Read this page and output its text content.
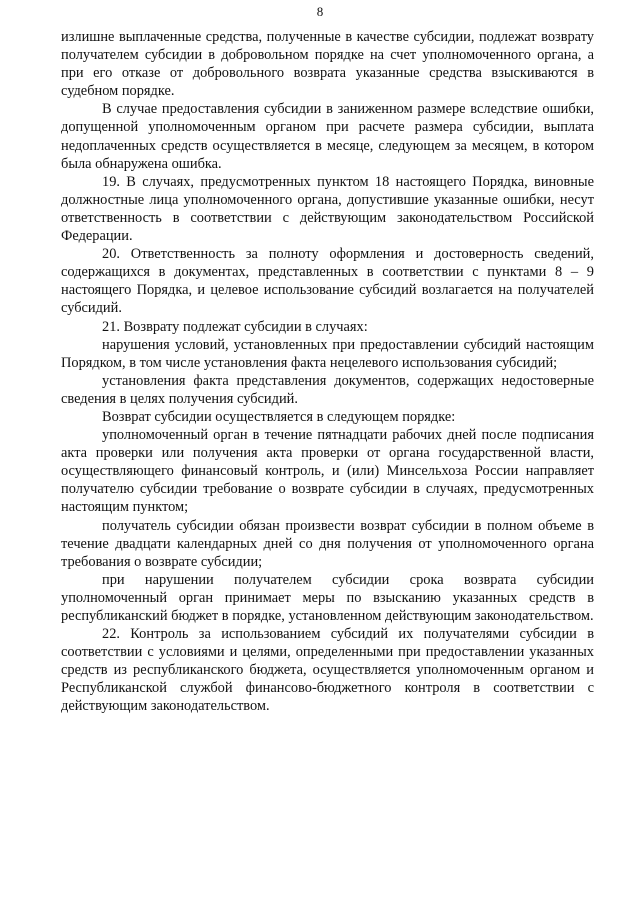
8

излишне выплаченные средства, полученные в качестве субсидии, подлежат возврату получателем субсидии в добровольном порядке на счет уполномоченного органа, а при его отказе от добровольного возврата указанные средства взыскиваются в судебном порядке.

В случае предоставления субсидии в заниженном размере вследствие ошибки, допущенной уполномоченным органом при расчете размера субсидии, выплата недоплаченных средств осуществляется в месяце, следующем за месяцем, в котором была обнаружена ошибка.

19. В случаях, предусмотренных пунктом 18 настоящего Порядка, виновные должностные лица уполномоченного органа, допустившие указанные ошибки, несут ответственность в соответствии с действующим законодательством Российской Федерации.

20. Ответственность за полноту оформления и достоверность сведений, содержащихся в документах, представленных в соответствии с пунктами 8 – 9 настоящего Порядка, и целевое использование субсидий возлагается на получателей субсидий.

21. Возврату подлежат субсидии в случаях:

нарушения условий, установленных при предоставлении субсидий настоящим Порядком, в том числе установления факта нецелевого использования субсидий;

установления факта представления документов, содержащих недостоверные сведения в целях получения субсидий.

Возврат субсидии осуществляется в следующем порядке:

уполномоченный орган в течение пятнадцати рабочих дней после подписания акта проверки или получения акта проверки от органа государственной власти, осуществляющего финансовый контроль, и (или) Минсельхоза России направляет получателю субсидии требование о возврате субсидии в случаях, предусмотренных настоящим пунктом;

получатель субсидии обязан произвести возврат субсидии в полном объеме в течение двадцати календарных дней со дня получения от уполномоченного органа требования о возврате субсидии;

при нарушении получателем субсидии срока возврата субсидии уполномоченный орган принимает меры по взысканию указанных средств в республиканский бюджет в порядке, установленном действующим законодательством.

22. Контроль за использованием субсидий их получателями субсидии в соответствии с условиями и целями, определенными при предоставлении указанных средств из республиканского бюджета, осуществляется уполномоченным органом и Республиканской службой финансово-бюджетного контроля в соответствии с действующим законодательством.
